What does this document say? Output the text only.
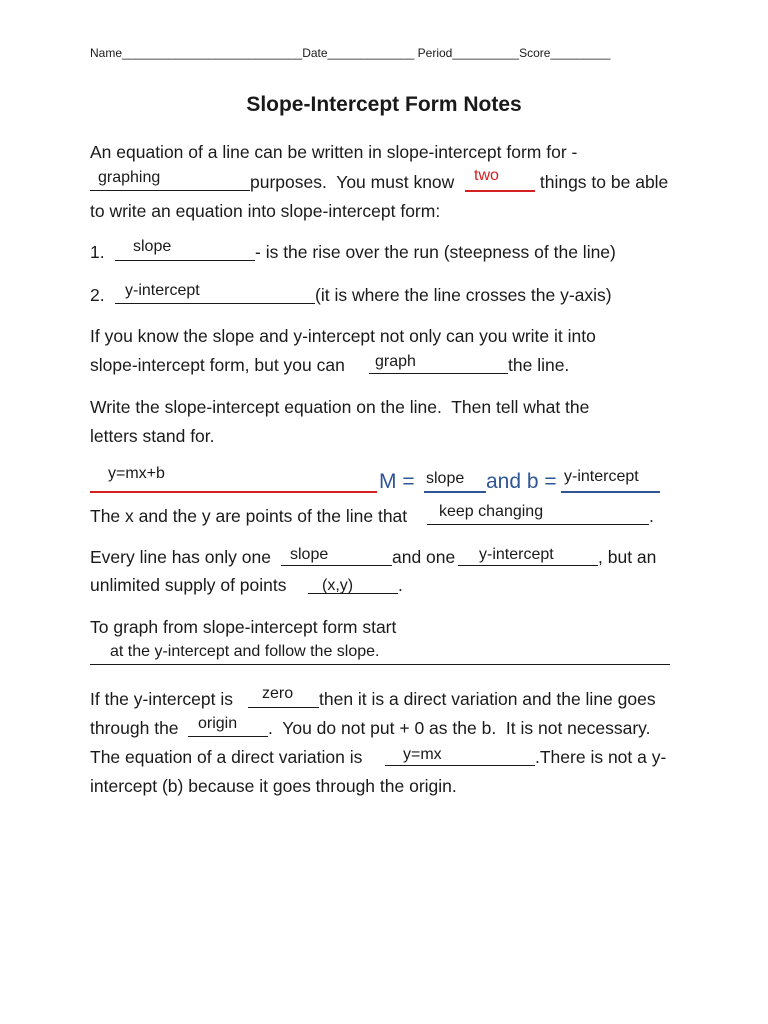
Name___________________________Date_____________ Period__________Score_________
Slope-Intercept Form Notes
An equation of a line can be written in slope-intercept form for -
graphing	purposes.  You must know two things to be able
to write an equation into slope-intercept form:
1. slope	- is the rise over the run (steepness of the line)
2. y-intercept	(it is where the line crosses the y-axis)
If you know the slope and y-intercept not only can you write it into
slope-intercept form, but you can graph	the line.
Write the slope-intercept equation on the line.  Then tell what the
letters stand for.
y=mx+b	M = slope and b = y-intercept
The x and the y are points of the line that keep changing	.
Every line has only one slope	and one y-intercept	, but an
unlimited supply of points (x,y)	.
To graph from slope-intercept form start
at the y-intercept and follow the slope.
If the y-intercept is zero then it is a direct variation and the line goes
through the origin .  You do not put + 0 as the b.  It is not necessary.
The equation of a direct variation is	y=mx	.There is not a y-
intercept (b) because it goes through the origin.
